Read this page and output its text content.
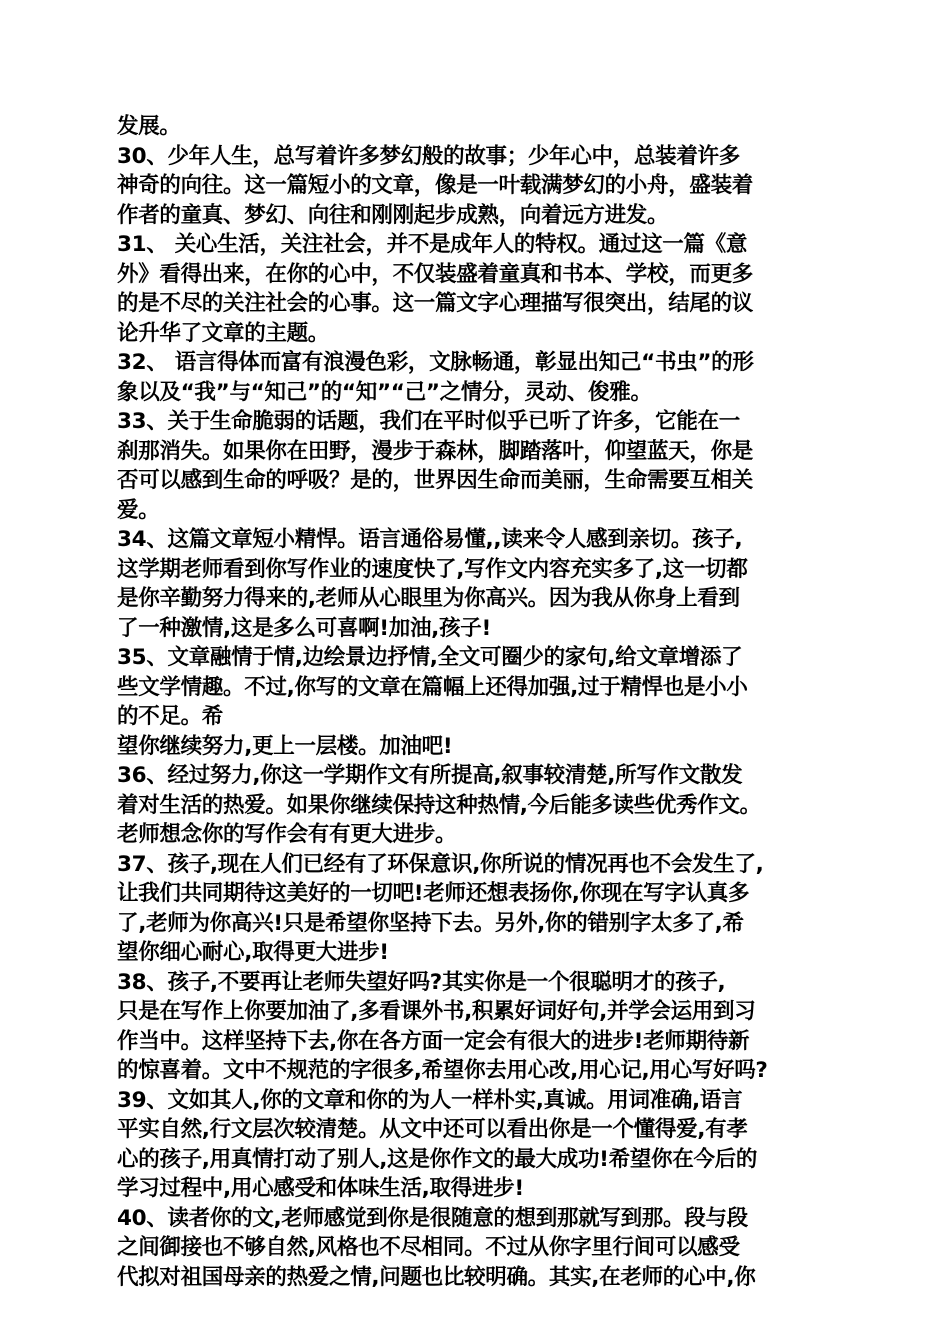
发展。
30、少年人生，总写着许多梦幻般的故事；少年心中，总装着许多
神奇的向往。这一篇短小的文章，像是一叶载满梦幻的小舟，盛装着
作者的童真、梦幻、向往和刚刚起步成熟，向着远方进发。
31、 关心生活，关注社会，并不是成年人的特权。通过这一篇《意
外》看得出来，在你的心中，不仅装盛着童真和书本、学校，而更多
的是不尽的关注社会的心事。这一篇文字心理描写很突出，结尾的议
论升华了文章的主题。
32、 语言得体而富有浪漫色彩，文脉畅通，彰显出知己“书虫”的形
象以及“我”与“知己”的“知”“己”之情分，灵动、俊雅。
33、关于生命脆弱的话题，我们在平时似乎已听了许多，它能在一
刹那消失。如果你在田野，漫步于森林，脚踏落叶，仰望蓝天，你是
否可以感到生命的呼吸？是的，世界因生命而美丽，生命需要互相关
爱。
34、这篇文章短小精悍。语言通俗易懂,,读来令人感到亲切。孩子,
这学期老师看到你写作业的速度快了,写作文内容充实多了,这一切都
是你辛勤努力得来的,老师从心眼里为你高兴。因为我从你身上看到
了一种激情,这是多么可喜啊!加油,孩子!
35、文章融情于情,边绘景边抒情,全文可圈少的家句,给文章增添了
些文学情趣。不过,你写的文章在篇幅上还得加强,过于精悍也是小小
的不足。希
望你继续努力,更上一层楼。加油吧!
36、经过努力,你这一学期作文有所提高,叙事较清楚,所写作文散发
着对生活的热爱。如果你继续保持这种热情,今后能多读些优秀作文。
老师想念你的写作会有有更大进步。
37、孩子,现在人们已经有了环保意识,你所说的情况再也不会发生了,
让我们共同期待这美好的一切吧!老师还想表扬你,你现在写字认真多
了,老师为你高兴!只是希望你坚持下去。另外,你的错别字太多了,希
望你细心耐心,取得更大进步!
38、孩子,不要再让老师失望好吗?其实你是一个很聪明才的孩子,
只是在写作上你要加油了,多看课外书,积累好词好句,并学会运用到习
作当中。这样坚持下去,你在各方面一定会有很大的进步!老师期待新
的惊喜着。文中不规范的字很多,希望你去用心改,用心记,用心写好吗?
39、文如其人,你的文章和你的为人一样朴实,真诚。用词准确,语言
平实自然,行文层次较清楚。从文中还可以看出你是一个懂得爱,有孝
心的孩子,用真情打动了别人,这是你作文的最大成功!希望你在今后的
学习过程中,用心感受和体味生活,取得进步!
40、读者你的文,老师感觉到你是很随意的想到那就写到那。段与段
之间御接也不够自然,风格也不尽相同。不过从你字里行间可以感受
代拟对祖国母亲的热爱之情,问题也比较明确。其实,在老师的心中,你
